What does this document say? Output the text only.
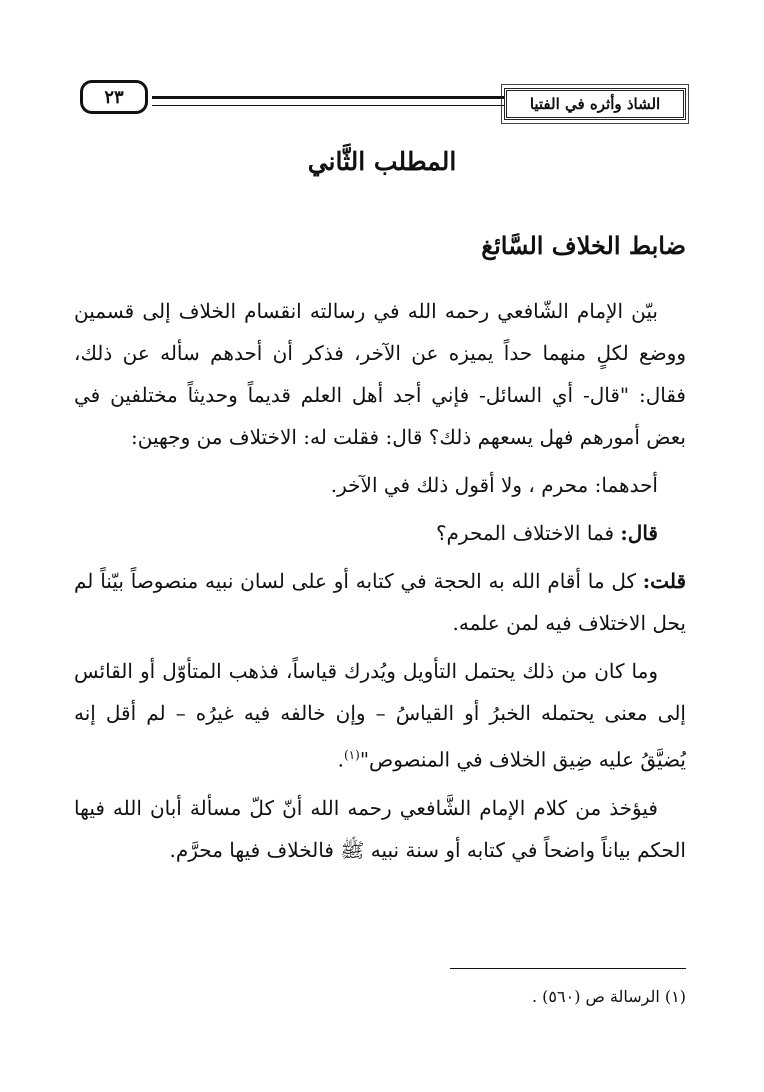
الشاذ وأثره في الفتيا
٢٣
المطلب الثَّاني
ضابط الخلاف السَّائغ

بيّن الإمام الشّافعي رحمه الله في رسالته انقسام الخلاف إلى قسمين ووضع لكلٍ منهما حداً يميزه عن الآخر، فذكر أن أحدهم سأله عن ذلك، فقال: "قال- أي السائل- فإني أجد أهل العلم قديماً وحديثاً مختلفين في بعض أمورهم فهل يسعهم ذلك؟ قال: فقلت له: الاختلاف من وجهين:

أحدهما: محرم ، ولا أقول ذلك في الآخر.

قال: فما الاختلاف المحرم؟

قلت: كل ما أقام الله به الحجة في كتابه أو على لسان نبيه منصوصاً بيّناً لم يحل الاختلاف فيه لمن علمه.

وما كان من ذلك يحتمل التأويل ويُدرك قياساً، فذهب المتأوّل أو القائس إلى معنى يحتمله الخبرُ أو القياسُ – وإن خالفه فيه غيرُه – لم أقل إنه يُضيَّقُ عليه ضِيق الخلاف في المنصوص"$^{(١)}$.

فيؤخذ من كلام الإمام الشَّافعي رحمه الله أنّ كلّ مسألة أبان الله فيها الحكم بياناً واضحاً في كتابه أو سنة نبيه ﷺ فالخلاف فيها محرَّم.

(١) الرسالة ص (٥٦٠) .
